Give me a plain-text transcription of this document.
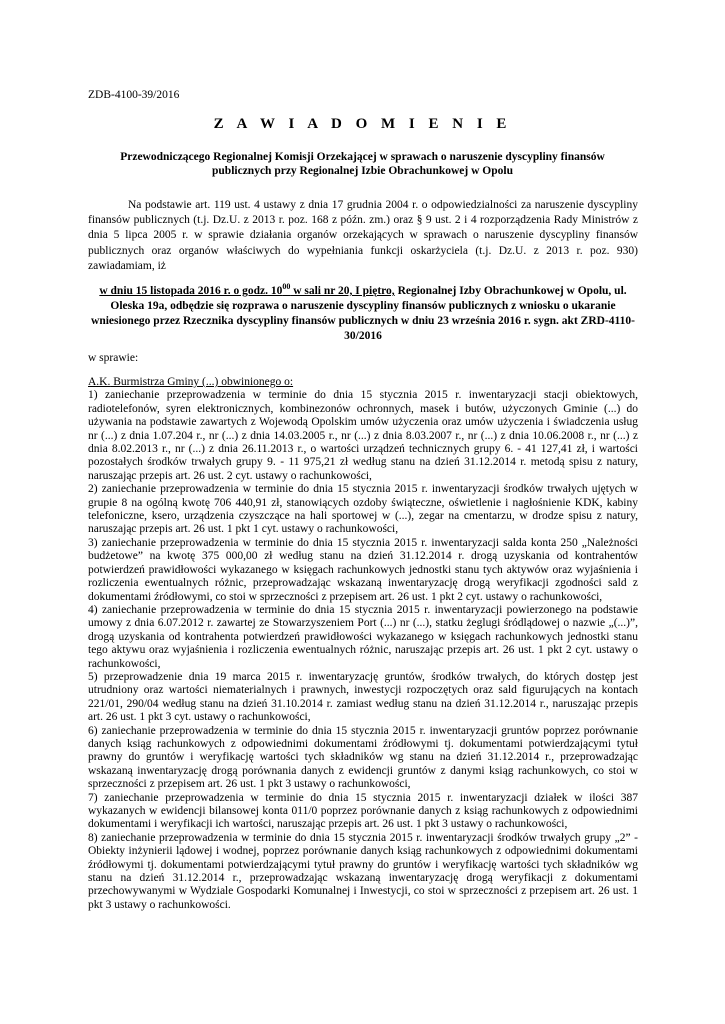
ZDB-4100-39/2016
Z A W I A D O M I E N I E
Przewodniczącego Regionalnej Komisji Orzekającej w sprawach o naruszenie dyscypliny finansów publicznych przy Regionalnej Izbie Obrachunkowej w Opolu

Na podstawie art. 119 ust. 4 ustawy z dnia 17 grudnia 2004 r. o odpowiedzialności za naruszenie dyscypliny finansów publicznych (t.j. Dz.U. z 2013 r. poz. 168 z późn. zm.) oraz § 9 ust. 2 i 4 rozporządzenia Rady Ministrów z dnia 5 lipca 2005 r. w sprawie działania organów orzekających w sprawach o naruszenie dyscypliny finansów publicznych oraz organów właściwych do wypełniania funkcji oskarżyciela (t.j. Dz.U. z 2013 r. poz. 930) zawiadamiam, iż

w dniu 15 listopada 2016 r. o godz. $10^{00}$ w sali nr 20, I piętro, Regionalnej Izby Obrachunkowej w Opolu, ul. Oleska 19a, odbędzie się rozprawa o naruszenie dyscypliny finansów publicznych z wniosku o ukaranie wniesionego przez Rzecznika dyscypliny finansów publicznych w dniu 23 września 2016 r. sygn. akt ZRD-4110-30/2016

w sprawie:
A.K. Burmistrza Gminy (...) obwinionego o:

1) zaniechanie przeprowadzenia w terminie do dnia 15 stycznia 2015 r. inwentaryzacji stacji obiektowych, radiotelefonów, syren elektronicznych, kombinezonów ochronnych, masek i butów, użyczonych Gminie (...) do używania na podstawie zawartych z Wojewodą Opolskim umów użyczenia oraz umów użyczenia i świadczenia usług nr (...) z dnia 1.07.204 r., nr (...) z dnia 14.03.2005 r., nr (...) z dnia 8.03.2007 r., nr (...) z dnia 10.06.2008 r., nr (...) z dnia 8.02.2013 r., nr (...) z dnia 26.11.2013 r., o wartości urządzeń technicznych grupy 6. - 41 127,41 zł, i wartości pozostałych środków trwałych grupy 9. - 11 975,21 zł według stanu na dzień 31.12.2014 r. metodą spisu z natury, naruszając przepis art. 26 ust. 2 cyt. ustawy o rachunkowości,

2) zaniechanie przeprowadzenia w terminie do dnia 15 stycznia 2015 r. inwentaryzacji środków trwałych ujętych w grupie 8 na ogólną kwotę 706 440,91 zł, stanowiących ozdoby świąteczne, oświetlenie i nagłośnienie KDK, kabiny telefoniczne, ksero, urządzenia czyszczące na hali sportowej w (...), zegar na cmentarzu, w drodze spisu z natury, naruszając przepis art. 26 ust. 1 pkt 1 cyt. ustawy o rachunkowości,

3) zaniechanie przeprowadzenia w terminie do dnia 15 stycznia 2015 r. inwentaryzacji salda konta 250 „Należności budżetowe” na kwotę 375 000,00 zł według stanu na dzień 31.12.2014 r. drogą uzyskania od kontrahentów potwierdzeń prawidłowości wykazanego w księgach rachunkowych jednostki stanu tych aktywów oraz wyjaśnienia i rozliczenia ewentualnych różnic, przeprowadzając wskazaną inwentaryzację drogą weryfikacji zgodności sald z dokumentami źródłowymi, co stoi w sprzeczności z przepisem art. 26 ust. 1 pkt 2 cyt. ustawy o rachunkowości,

4) zaniechanie przeprowadzenia w terminie do dnia 15 stycznia 2015 r. inwentaryzacji powierzonego na podstawie umowy z dnia 6.07.2012 r. zawartej ze Stowarzyszeniem Port (...) nr (...), statku żeglugi śródlądowej o nazwie „(...)”, drogą uzyskania od kontrahenta potwierdzeń prawidłowości wykazanego w księgach rachunkowych jednostki stanu tego aktywu oraz wyjaśnienia i rozliczenia ewentualnych różnic, naruszając przepis art. 26 ust. 1 pkt 2 cyt. ustawy o rachunkowości,

5) przeprowadzenie dnia 19 marca 2015 r. inwentaryzację gruntów, środków trwałych, do których dostęp jest utrudniony oraz wartości niematerialnych i prawnych, inwestycji rozpoczętych oraz sald figurujących na kontach 221/01, 290/04 według stanu na dzień 31.10.2014 r. zamiast według stanu na dzień 31.12.2014 r., naruszając przepis art. 26 ust. 1 pkt 3 cyt. ustawy o rachunkowości,

6) zaniechanie przeprowadzenia w terminie do dnia 15 stycznia 2015 r. inwentaryzacji gruntów poprzez porównanie danych ksiąg rachunkowych z odpowiednimi dokumentami źródłowymi tj. dokumentami potwierdzającymi tytuł prawny do gruntów i weryfikację wartości tych składników wg stanu na dzień 31.12.2014 r., przeprowadzając wskazaną inwentaryzację drogą porównania danych z ewidencji gruntów z danymi ksiąg rachunkowych, co stoi w sprzeczności z przepisem art. 26 ust. 1 pkt 3 ustawy o rachunkowości,

7) zaniechanie przeprowadzenia w terminie do dnia 15 stycznia 2015 r. inwentaryzacji działek w ilości 387 wykazanych w ewidencji bilansowej konta 011/0 poprzez porównanie danych z ksiąg rachunkowych z odpowiednimi dokumentami i weryfikacji ich wartości, naruszając przepis art. 26 ust. 1 pkt 3 ustawy o rachunkowości,

8) zaniechanie przeprowadzenia w terminie do dnia 15 stycznia 2015 r. inwentaryzacji środków trwałych grupy „2” - Obiekty inżynierii lądowej i wodnej, poprzez porównanie danych ksiąg rachunkowych z odpowiednimi dokumentami źródłowymi tj. dokumentami potwierdzającymi tytuł prawny do gruntów i weryfikację wartości tych składników wg stanu na dzień 31.12.2014 r., przeprowadzając wskazaną inwentaryzację drogą weryfikacji z dokumentami przechowywanymi w Wydziale Gospodarki Komunalnej i Inwestycji, co stoi w sprzeczności z przepisem art. 26 ust. 1 pkt 3 ustawy o rachunkowości.
